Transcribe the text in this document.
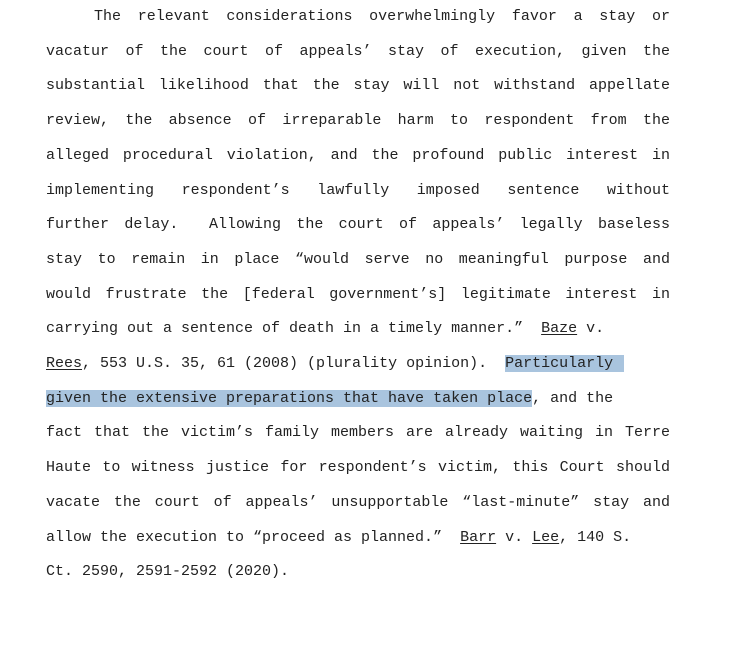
The relevant considerations overwhelmingly favor a stay or
vacatur of the court of appeals’ stay of execution, given the
substantial likelihood that the stay will not withstand appellate
review, the absence of irreparable harm to respondent from the
alleged procedural violation, and the profound public interest in
implementing respondent’s lawfully imposed sentence without
further delay.  Allowing the court of appeals’ legally baseless
stay to remain in place “would serve no meaningful purpose and
would frustrate the [federal government’s] legitimate interest in
carrying out a sentence of death in a timely manner.”  Baze v.
Rees, 553 U.S. 35, 61 (2008) (plurality opinion).  Particularly
given the extensive preparations that have taken place, and the
fact that the victim’s family members are already waiting in Terre
Haute to witness justice for respondent’s victim, this Court should
vacate the court of appeals’ unsupportable “last-minute” stay and
allow the execution to “proceed as planned.”  Barr v. Lee, 140 S.
Ct. 2590, 2591-2592 (2020).
